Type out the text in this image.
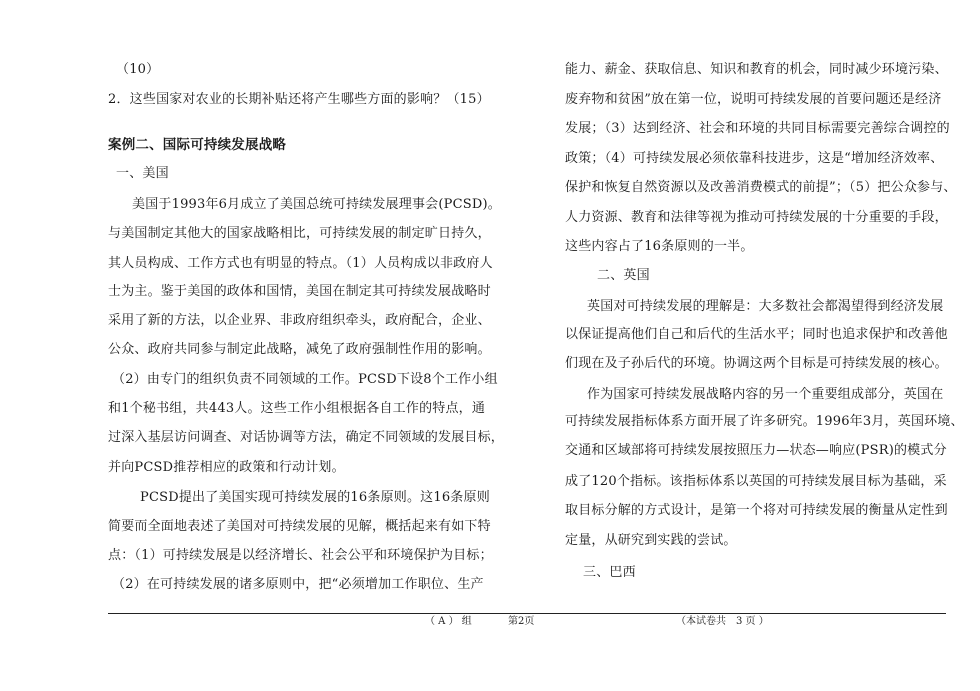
（10）
2．这些国家对农业的长期补贴还将产生哪些方面的影响？（15）
案例二、国际可持续发展战略
一、美国
美国于1993年6月成立了美国总统可持续发展理事会(PCSD)。
与美国制定其他大的国家战略相比，可持续发展的制定旷日持久，
其人员构成、工作方式也有明显的特点。（1）人员构成以非政府人
士为主。鉴于美国的政体和国情，美国在制定其可持续发展战略时
采用了新的方法，以企业界、非政府组织牵头，政府配合，企业、
公众、政府共同参与制定此战略，减免了政府强制性作用的影响。
（2）由专门的组织负责不同领域的工作。PCSD下设8个工作小组
和1个秘书组，共443人。这些工作小组根据各自工作的特点，通
过深入基层访问调查、对话协调等方法，确定不同领域的发展目标，
并向PCSD推荐相应的政策和行动计划。
PCSD提出了美国实现可持续发展的16条原则。这16条原则
简要而全面地表述了美国对可持续发展的见解，概括起来有如下特
点：（1）可持续发展是以经济增长、社会公平和环境保护为目标；
（2）在可持续发展的诸多原则中，把“必须增加工作职位、生产
能力、薪金、获取信息、知识和教育的机会，同时减少环境污染、
废弃物和贫困”放在第一位，说明可持续发展的首要问题还是经济
发展；（3）达到经济、社会和环境的共同目标需要完善综合调控的
政策；（4）可持续发展必须依靠科技进步，这是“增加经济效率、
保护和恢复自然资源以及改善消费模式的前提”；（5）把公众参与、
人力资源、教育和法律等视为推动可持续发展的十分重要的手段，
这些内容占了16条原则的一半。
二、英国
英国对可持续发展的理解是：大多数社会都渴望得到经济发展
以保证提高他们自己和后代的生活水平；同时也追求保护和改善他
们现在及子孙后代的环境。协调这两个目标是可持续发展的核心。
作为国家可持续发展战略内容的另一个重要组成部分，英国在
可持续发展指标体系方面开展了许多研究。1996年3月，英国环境、
交通和区域部将可持续发展按照压力—状态—响应(PSR)的模式分
成了120个指标。该指标体系以英国的可持续发展目标为基础，采
取目标分解的方式设计，是第一个将对可持续发展的衡量从定性到
定量，从研究到实践的尝试。
三、巴西
（ A ） 组	第2页	（本试卷共　3 页 ）
